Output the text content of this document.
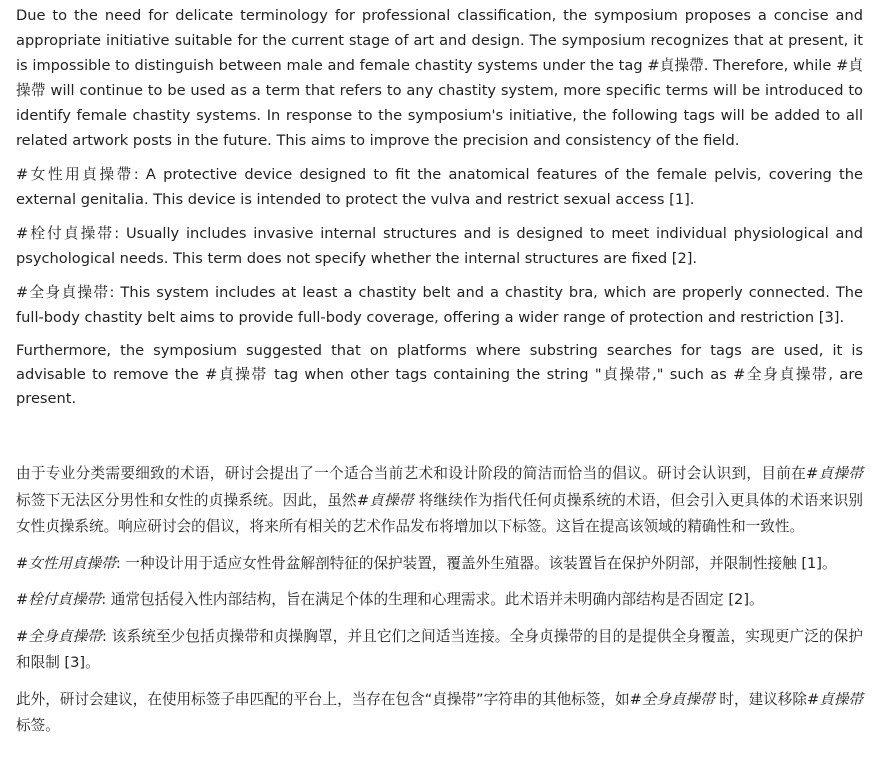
Due to the need for delicate terminology for professional classification, the symposium proposes a concise and appropriate initiative suitable for the current stage of art and design. The symposium recognizes that at present, it is impossible to distinguish between male and female chastity systems under the tag #貞操帶. Therefore, while #貞操帶 will continue to be used as a term that refers to any chastity system, more specific terms will be introduced to identify female chastity systems. In response to the symposium's initiative, the following tags will be added to all related artwork posts in the future. This aims to improve the precision and consistency of the field.

#女性用貞操帶: A protective device designed to fit the anatomical features of the female pelvis, covering the external genitalia. This device is intended to protect the vulva and restrict sexual access [1].

#栓付貞操帯: Usually includes invasive internal structures and is designed to meet individual physiological and psychological needs. This term does not specify whether the internal structures are fixed [2].

#全身貞操帯: This system includes at least a chastity belt and a chastity bra, which are properly connected. The full-body chastity belt aims to provide full-body coverage, offering a wider range of protection and restriction [3].

Furthermore, the symposium suggested that on platforms where substring searches for tags are used, it is advisable to remove the #貞操帯 tag when other tags containing the string "貞操帯," such as #全身貞操帯, are present.

由于专业分类需要细致的术语，研讨会提出了一个适合当前艺术和设计阶段的简洁而恰当的倡议。研讨会认识到，目前在#貞操帯 标签下无法区分男性和女性的贞操系统。因此，虽然#貞操帯 将继续作为指代任何贞操系统的术语，但会引入更具体的术语来识别女性贞操系统。响应研讨会的倡议，将来所有相关的艺术作品发布将增加以下标签。这旨在提高该领域的精确性和一致性。

#女性用貞操帯: 一种设计用于适应女性骨盆解剖特征的保护装置，覆盖外生殖器。该装置旨在保护外阴部，并限制性接触 [1]。

#栓付貞操帯: 通常包括侵入性内部结构，旨在满足个体的生理和心理需求。此术语并未明确内部结构是否固定 [2]。

#全身貞操帯: 该系统至少包括贞操带和贞操胸罩，并且它们之间适当连接。全身贞操带的目的是提供全身覆盖，实现更广泛的保护和限制 [3]。

此外，研讨会建议，在使用标签子串匹配的平台上，当存在包含“貞操帯”字符串的其他标签，如#全身貞操帯 时，建议移除#貞操帯 标签。
